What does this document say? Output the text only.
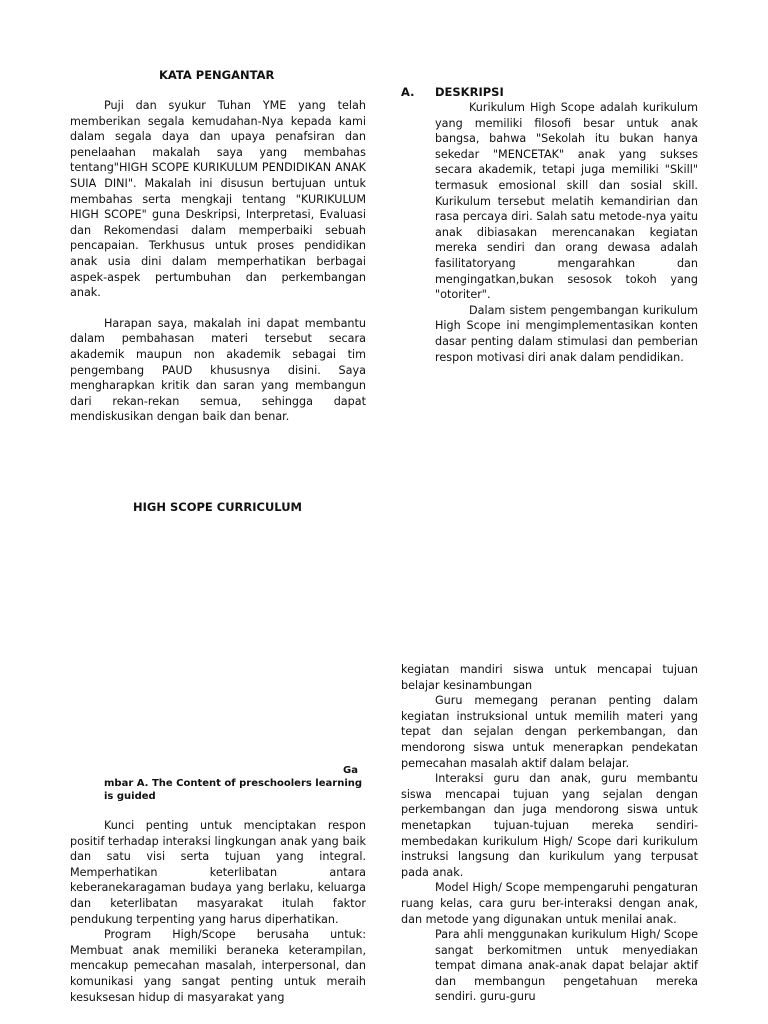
KATA PENGANTAR

Puji dan syukur Tuhan YME yang telah memberikan segala kemudahan-Nya kepada kami dalam segala daya dan upaya penafsiran dan penelaahan makalah saya yang membahas tentang"HIGH SCOPE KURIKULUM PENDIDIKAN ANAK SUIA DINI". Makalah ini disusun bertujuan untuk membahas serta mengkaji tentang "KURIKULUM HIGH SCOPE" guna Deskripsi, Interpretasi, Evaluasi dan Rekomendasi dalam memperbaiki sebuah pencapaian. Terkhusus untuk proses pendidikan anak usia dini dalam memperhatikan berbagai aspek-aspek pertumbuhan dan perkembangan anak.

Harapan saya, makalah ini dapat membantu dalam pembahasan materi tersebut secara akademik maupun non akademik sebagai tim pengembang PAUD khususnya disini. Saya mengharapkan kritik dan saran yang membangun dari rekan-rekan semua, sehingga dapat mendiskusikan dengan baik dan benar.

A. DESKRIPSI

Kurikulum High Scope adalah kurikulum yang memiliki filosofi besar untuk anak bangsa, bahwa "Sekolah itu bukan hanya sekedar "MENCETAK" anak yang sukses secara akademik, tetapi juga memiliki "Skill" termasuk emosional skill dan sosial skill. Kurikulum tersebut melatih kemandirian dan rasa percaya diri. Salah satu metode-nya yaitu anak dibiasakan merencanakan kegiatan mereka sendiri dan orang dewasa adalah fasilitatoryang mengarahkan dan mengingatkan,bukan sesosok tokoh yang "otoriter".

Dalam sistem pengembangan kurikulum High Scope ini mengimplementasikan konten dasar penting dalam stimulasi dan pemberian respon motivasi diri anak dalam pendidikan.

HIGH SCOPE CURRICULUM
Ga
mbar A. The Content of preschoolers learning is guided

Kunci penting untuk menciptakan respon positif terhadap interaksi lingkungan anak yang baik dan satu visi serta tujuan yang integral. Memperhatikan keterlibatan antara keberanekaragaman budaya yang berlaku, keluarga dan keterlibatan masyarakat itulah faktor pendukung terpenting yang harus diperhatikan.

Program High/Scope berusaha untuk: Membuat anak memiliki beraneka keterampilan, mencakup pemecahan masalah, interpersonal, dan komunikasi yang sangat penting untuk meraih kesuksesan hidup di masyarakat yang

kegiatan mandiri siswa untuk mencapai tujuan belajar kesinambungan

Guru memegang peranan penting dalam kegiatan instruksional untuk memilih materi yang tepat dan sejalan dengan perkembangan, dan mendorong siswa untuk menerapkan pendekatan pemecahan masalah aktif dalam belajar.

Interaksi guru dan anak, guru membantu siswa mencapai tujuan yang sejalan dengan perkembangan dan juga mendorong siswa untuk menetapkan tujuan-tujuan mereka sendiri-membedakan kurikulum High/ Scope dari kurikulum instruksi langsung dan kurikulum yang terpusat pada anak.

Model High/ Scope mempengaruhi pengaturan ruang kelas, cara guru ber-interaksi dengan anak, dan metode yang digunakan untuk menilai anak.

Para ahli menggunakan kurikulum High/ Scope sangat berkomitmen untuk menyediakan tempat dimana anak-anak dapat belajar aktif dan membangun pengetahuan mereka sendiri. guru-guru
